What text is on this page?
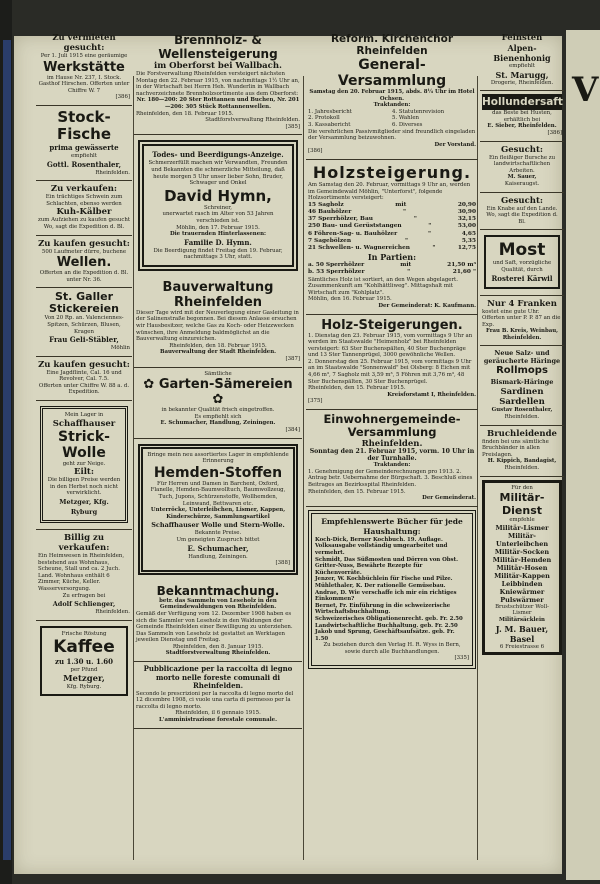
Zu vermieten gesucht:
Per 1. Juli 1915 eine geräumige
Werkstätte
im Hause Nr. 237, I. Stock. Gasthof Hirschen. Offerten unter Chiffre W. 7
[386]
Stock-Fische
prima gewässerte
empfiehlt
Gottl. Rosenthaler,
Rheinfelden.
Zu verkaufen:
Ein trächtiges Schwein zum Schlachten, ebenso werden
Kuh-Kälber
zum Aufziehen zu kaufen gesucht
Wo, sagt die Expedition d. Bl.
Zu kaufen gesucht:
500 Laufmeter dürre, buchene
Wellen.
Offerten an die Expedition d. Bl. unter Nr. 36.
St. Galler Stickereien
Von 20 Rp. an. Valenciennes-Spitzen, Schürzen, Blusen, Kragen
Frau Geli-Stäbler,
Möhlin
Zu kaufen gesucht:
Eine Jagdflinte, Cal. 16 und Revolver, Cal. 7.5.
Offerten unter Chiffre W. 88 a. d. Expedition.
Mein Lager in
Schaffhauser
Strick-Wolle
geht zur Neige.
Eilt:
Die billigen Preise werden in den Herbst noch nicht verwirklicht.
Metzger, Kfg. Ryburg
Billig zu verkaufen:
Ein Heimwesen in Rheinfelden, bestehend aus Wohnhaus, Scheune, Stall und ca. 2 Juch. Land. Wohnhaus enthält 6 Zimmer, Küche, Keller. Wasserversorgung.
Zu erfragen bei
Adolf Schlienger,
Rheinfelden.
Frische Röstung
Kaffee
zu 1.30 u. 1.60
per Pfund
Metzger,
Kfg. Ryburg.
Brennholz- & Wellensteigerung
im Oberforst bei Wallbach.
Die Forstverwaltung Rheinfelden versteigert nächsten Montag den 22. Februar 1915, von nachmittags 1½ Uhr an, in der Wirtschaft bei Herrn Heh. Wunderlin in Wallbach nachverzeichnete Brennholzsortimente aus dem Oberforst:
Nr. 180—200: 20 Ster Rottannen und Buchen, Nr. 201—206: 305 Stück Rottannenwellen.
Rheinfelden, den 18. Februar 1915.
Stadtforstverwaltung Rheinfelden.
[385]
Todes- und Beerdigungs-Anzeige.
Schmerzerfüllt machen wir Verwandten, Freunden und Bekannten die schmerzliche Mitteilung, daß heute morgen 5 Uhr unser lieber Sohn, Bruder, Schwager und Onkel
David Hymn,
Schreiner,
unerwartet rasch im Alter von 53 Jahren verschieden ist.
Möhlin, den 17. Februar 1915.
Die trauernden Hinterlassenen:
Familie D. Hymn.
Die Beerdigung findet Freitag den 19. Februar, nachmittags 3 Uhr, statt.
Bauverwaltung Rheinfelden
Dieser Tage wird mit der Neuverlegung einer Gasleitung in der Salinenstraße begonnen. Bei diesem Anlasse ersuchen wir Hausbesitzer, welche Gas zu Koch- oder Heizzwecken wünschen, ihre Anmeldung baldmöglichst an die Bauverwaltung einzureichen.
Rheinfelden, den 18. Februar 1915.
Bauverwaltung der Stadt Rheinfelden.
[387]
Sämtliche
✿ Garten-Sämereien ✿
in bekannter Qualität frisch eingetroffen.
Es empfiehlt sich
E. Schumacher, Handlung, Zeiningen.
[384]
Bringe mein neu assortiertes Lager in empfehlende Erinnerung
Hemden-Stoffen
Für Herren und Damen in Barchent, Oxford, Flanelle, Hemden-Baumwolltuch, Baumwollzeug, Tuch, Jupons, Schürzenstoffe, Wollhemden, Leinwand, Bettwaren etc.
Unterröcke, Unterleibchen, Lismer, Kappen, Kinderschürze, Sammlungsartikel
Schaffhauser Wolle und Stern-Wolle.
Bekannte Preise.
Um geneigten Zuspruch bittet
E. Schumacher,
Handlung, Zeiningen.
[388]
Bekanntmachung.
betr. das Sammeln von Leseholz in den Gemeindewaldungen von Rheinfelden.
Gemäß der Verfügung vom 12. Dezember 1908 haben es sich die Sammler von Leseholz in den Waldungen der Gemeinde Rheinfelden einer Bewilligung zu unterziehen. Das Sammeln von Leseholz ist gestattet an Werktagen jeweilen Dienstag und Freitag.
Rheinfelden, den 8. Januar 1915.
Stadtforstverwaltung Rheinfelden.
Pubblicazione per la raccolta di legno morto nelle foreste comunali di Rheinfelden.
Secondo le prescrizioni per la raccolta di legno morto del 12 dicembre 1908, ci vuole una carta di permesso per la raccolta di legno morto.
Rheinfelden, il 6 gennaio 1915.
L'amministrazione forestale comunale.
Reform. Kirchenchor Rheinfelden
General-Versammlung
Samstag den 20. Februar 1915, abds. 8¼ Uhr im Hotel Ochsen.
Traktanden:
1. Jahresbericht	4. Statutenrevision
2. Protokoll	5. Wahlen
3. Kassabericht	6. Diverses
Die verehrlichen Passivmitglieder sind freundlich eingeladen der Versammlung beizuwohnen.
Der Vorstand.
[386]
Holzsteigerung.
Am Samstag den 20. Februar, vormittags 9 Uhr an, werden im Gemeindewald Möhlin, "Unterforst", folgende Holzsortimente versteigert:
15 Sagholz	mit	20,90
46 Bauhölzer	"	30,90
37 Sperrhölzer, Bau	"	32,15
250 Bau- und Gerüststangen	"	53,00
6 Föhren-Sag- u. Bauhölzer	"	4,65
7 Sagebölzen	"	5,35
21 Schwellen- u. Wagnereichen	"	12,75
In Partien:
a. 50 Sperrhölzer	mit	21,50 m³
b. 53 Sperrhölzer	"	21,60 "
Sämtliches Holz ist sortiert, an den Wegen abgelagert. Zusammenkunft am "Kohlhättliweg". Mittagshalt mit Wirtschaft zum "Kohlplatz".
Möhlin, den 16. Februar 1915.
Der Gemeinderat: K. Kaufmann.
Holz-Steigerungen.
1. Dienstag den 23. Februar 1915, vom vormittags 9 Uhr an werden im Staatswalde "Heimenholz" bei Rheinfelden versteigert: 63 Ster Buchenspälten, 40 Ster Buchenpräge und 13 Ster Tannenprügel, 3000 gewöhnliche Wellen.
2. Donnerstag den 25. Februar 1915, vom vormittags 9 Uhr an im Staatswalde "Sonnenwald" bei Olsberg: 8 Eichen mit 4,66 m³, 7 Sagholz mit 3,59 m³, 5 Föhren mit 3,76 m³, 48 Ster Buchenspälten, 30 Ster Buchenprügel.
Rheinfelden, den 15. Februar 1915.
Kreisforstamt I, Rheinfelden.
[375]
Einwohnergemeinde-Versammlung
Rheinfelden.
Sonntag den 21. Februar 1915, vorm. 10 Uhr in der Turnhalle.
Traktanden:
1. Genehmigung der Gemeinderechnungen pro 1913. 2. Antrag betr. Uebernahme der Bürgschaft. 3. Beschluß eines Beitrages an Bezirksspital Rheinfelden.
Rheinfelden, den 15. Februar 1915.
Der Gemeinderat.
Empfehlenswerte Bücher für jede Haushaltung:
Koch-Dick, Berner Kochbuch. 19. Auflage. Volksausgabe vollständig umgearbeitet und vermehrt.
Schmidt, Das Süßmosten und Dörren von Obst.
Gritter-Nuss, Bewährte Rezepte für Küchenvorräte.
Jenzer, W. Kochbüchlein für Fische und Pilze.
Mühlethaler, K. Der rationelle Gemüsebau.
Andrae, D. Wie verschaffe ich mir ein richtiges Einkommen?
Bernet, Fr. Einführung in die schweizerische Wirtschaftsbuchhaltung.
Schweizerisches Obligationenrecht. geb. Fr. 2.50
Landwirtschaftliche Buchhaltung. geb. Fr. 2.50
Jakob und Sprung, Geschäftsaufsätze. geb. Fr. 1.50
Zu beziehen durch den Verlag H. R. Wyss in Bern, sowie durch alle Buchhandlungen.
[335]
Feinsten
Alpen-Bienenhonig
empfiehlt
St. Marugg,
Drogerie, Rheinfelden.
Hollundersaft
das Beste bei Husten, erhältlich bei
E. Sieber, Rheinfelden.
[386]
Gesucht:
Ein fleißiger Bursche zu landwirtschaftlichen Arbeiten.
M. Sauer,
Kaiseraugst.
Gesucht:
Ein Knabe auf den Lande. Wo, sagt die Expedition d. Bl.
Most
und Saft, vorzügliche Qualität, durch
Rosterei Kärwil
Nur 4 Franken
kostet eine gute Uhr. Offerten unter P. P. 87 an die Exp.
Frau B. Kreis, Weinbau, Rheinfelden.
Neue Salz- und geräucherte Häringe
Rollmops
Bismark-Häringe
Sardinen
Sardellen
Gustav Rosenthaler,
Rheinfelden.
Bruchleidende
finden bei uns sämtliche Bruchbänder in allen Preislagen.
H. Kippich, Bandagist,
Rheinfelden.
Für den
Militär-Dienst
empfehle
Militär-Lismer
Militär-Unterleibchen
Militär-Socken
Militär-Hemden
Militär-Hosen
Militär-Kappen
Leibbinden
Kniewärmer
Pulswärmer
Brustschützer Woll-Lismer
Militärsäcklein
J. M. Bauer, Basel
6 Freiestrasse 6
V
